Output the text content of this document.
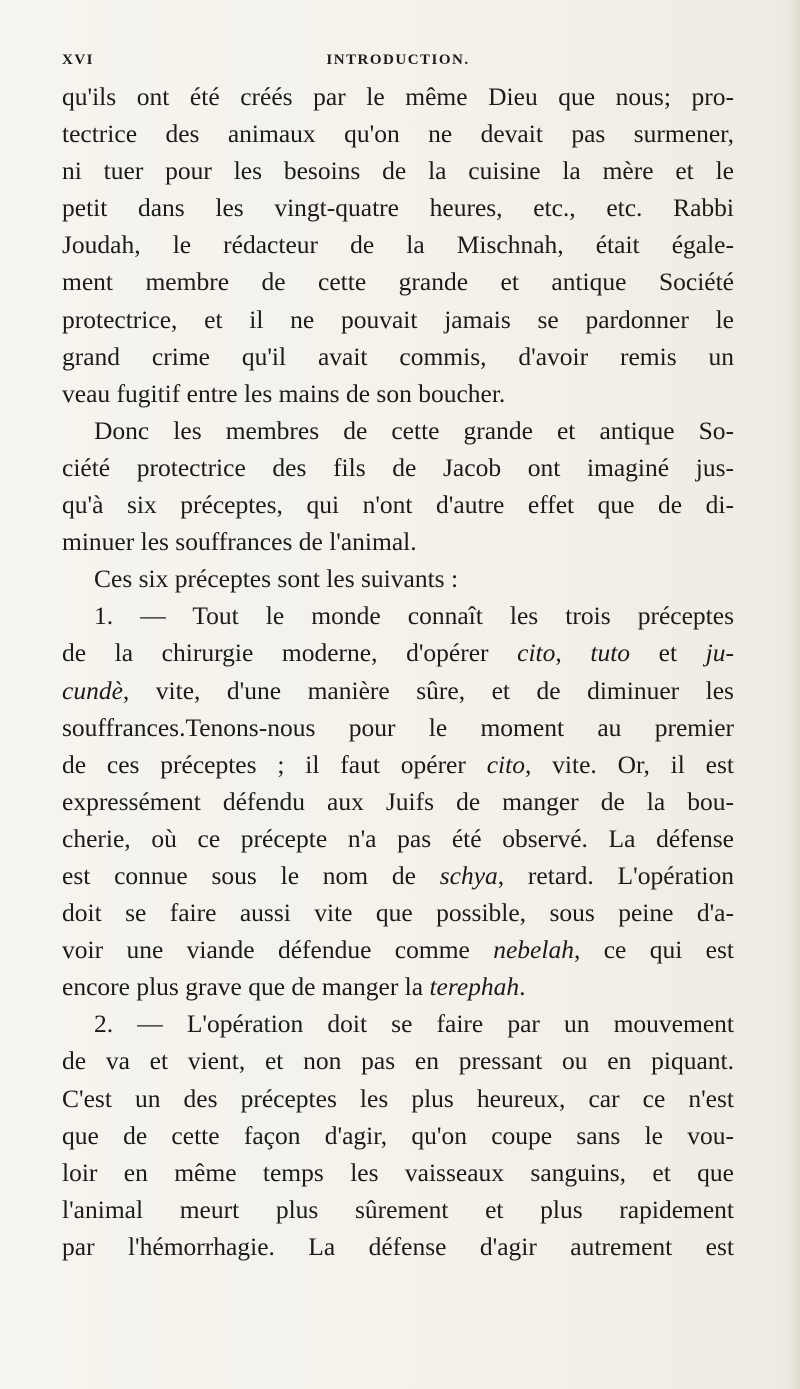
XVI	INTRODUCTION.
qu'ils ont été créés par le même Dieu que nous; pro-
tectrice des animaux qu'on ne devait pas surmener,
ni tuer pour les besoins de la cuisine la mère et le
petit dans les vingt-quatre heures, etc., etc. Rabbi
Joudah, le rédacteur de la Mischnah, était égale-
ment membre de cette grande et antique Société
protectrice, et il ne pouvait jamais se pardonner le
grand crime qu'il avait commis, d'avoir remis un
veau fugitif entre les mains de son boucher.
Donc les membres de cette grande et antique So-
ciété protectrice des fils de Jacob ont imaginé jus-
qu'à six préceptes, qui n'ont d'autre effet que de di-
minuer les souffrances de l'animal.
Ces six préceptes sont les suivants :
1. — Tout le monde connaît les trois préceptes
de la chirurgie moderne, d'opérer cito, tuto et ju-
cundè, vite, d'une manière sûre, et de diminuer les
souffrances.Tenons-nous pour le moment au premier
de ces préceptes ; il faut opérer cito, vite. Or, il est
expressément défendu aux Juifs de manger de la bou-
cherie, où ce précepte n'a pas été observé. La défense
est connue sous le nom de schya, retard. L'opération
doit se faire aussi vite que possible, sous peine d'a-
voir une viande défendue comme nebelah, ce qui est
encore plus grave que de manger la terephah.
2. — L'opération doit se faire par un mouvement
de va et vient, et non pas en pressant ou en piquant.
C'est un des préceptes les plus heureux, car ce n'est
que de cette façon d'agir, qu'on coupe sans le vou-
loir en même temps les vaisseaux sanguins, et que
l'animal meurt plus sûrement et plus rapidement
par l'hémorrhagie. La défense d'agir autrement est
